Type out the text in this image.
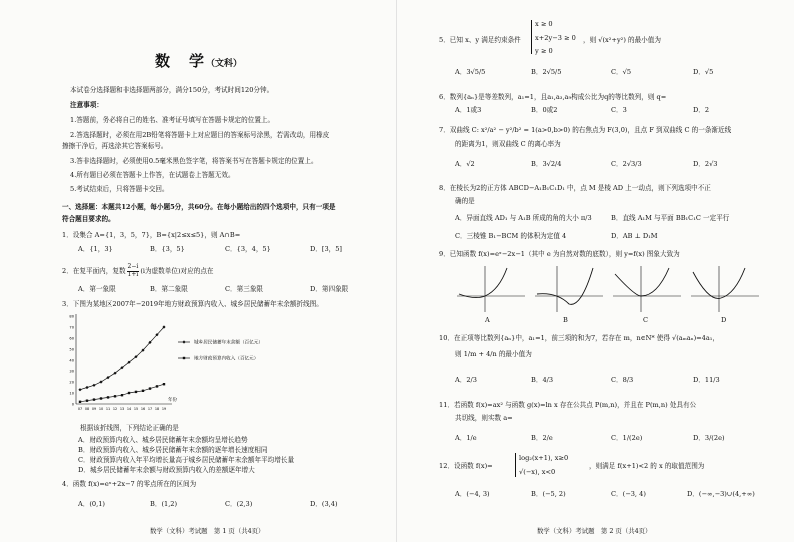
数　学（文科）
本试卷分选择题和非选择题两部分，满分150分，考试时间120分钟。
注意事项：
1.答题前，务必将自己的姓名、准考证号填写在答题卡规定的位置上。
2.答选择题时，必须在用2B铅笔将答题卡上对应题目的答案标号涂黑，若需改动，用橡皮
擦擦干净后，再选涂其它答案标号。
3.答非选择题时，必须使用0.5毫米黑色签字笔，将答案书写在答题卡规定的位置上。
4.所有题目必须在答题卡上作答，在试题卷上答题无效。
5.考试结束后，只将答题卡交回。
一、选择题：本题共12小题，每小题5分，共60分。在每小题给出的四个选项中，只有一项是
符合题目要求的。
1．设集合 A={1，3，5，7}，B={x|2≤x≤5}，则 A∩B=
A．{1，3}	B．{3，5}	C．{3，4，5}	D．[3，5]
2．在复平面内，复数 $\frac{2-i}{1+i} (i$为虚数单位)对应的点在
A．第一象限	B．第二象限	C．第三象限	D．第四象限
3．下图为某地区2007年−2019年地方财政预算内收入、城乡居民储蓄年末余额折线图。
年份
10
20
30
40
50
60
70
80
0
07 08 09 10 11 12 13 14 15 16 17 18 19
城乡居民储蓄年末余额（百亿元）
地方财政预算内收入（百亿元）
根据该折线图，下列结论正确的是
A．财政预算内收入、城乡居民储蓄年末余额均呈增长趋势
B．财政预算内收入、城乡居民储蓄年末余额的逐年增长速度相同
C．财政预算内收入年平均增长量高于城乡居民储蓄年末余额年平均增长量
D．城乡居民储蓄年末余额与财政预算内收入的差额逐年增大
4．函数 f(x)=eˣ+2x−7 的零点所在的区间为
A．(0,1)	B．(1,2)	C．(2,3)	D．(3,4)
数学（文科）考试题　第 1 页（共4页）
5．已知 x、y 满足约束条件
x ≥ 0
x+2y−3 ≥ 0
y ≥ 0
，则 √(x²+y²) 的最小值为
A．3√5/5	B．2√5/5	C．√5	D．√5
6．数列{aₙ}是等差数列，a₁=1，且a₁,a₃,a₉构成公比为q的等比数列，则 q=
A．1或3	B．0或2	C．3	D．2
7．双曲线 C: x²/a² − y²/b² = 1(a>0,b>0) 的右焦点为 F(3,0)，且点 F 到双曲线 C 的一条渐近线
的距离为1，则双曲线 C 的离心率为
A．√2	B．3√2/4	C．2√3/3	D．2√3
8．在棱长为2的正方体 ABCD−A₁B₁C₁D₁ 中，点 M 是棱 AD 上一动点，则下列选项中不正
确的是
A．异面直线 AD₁ 与 A₁B 所成的角的大小 π/3	B．直线 A₁M 与平面 BB₁C₁C 一定平行
C．三棱锥 B₁−BCM 的体积为定值 4	D．AB ⊥ D₁M
9．已知函数 f(x)=eˣ−2x−1（其中 e 为自然对数的底数），则 y=f(x) 图象大致为
A	B	C	D
10．在正项等比数列{aₙ}中，a₁=1，前三项的和为7，若存在 m，n∈N* 使得 √(aₘaₙ)=4a₁，
则 1/m + 4/n 的最小值为
A．2/3	B．4/3	C．8/3	D．11/3
11．若函数 f(x)=ax² 与函数 g(x)=ln x 存在公共点 P(m,n)，并且在 P(m,n) 处具有公
共切线，则实数 a=
A．1/e	B．2/e	C．1/(2e)	D．3/(2e)
12．设函数 f(x)=
log₂(x+1), x≥0
√(−x), x<0
，则满足 f(x+1)<2 的 x 的取值范围为
A．(−4, 3)	B．(−5, 2)	C．(−3, 4)	D．(−∞,−3)∪(4,+∞)
数学（文科）考试题　第 2 页（共4页）
